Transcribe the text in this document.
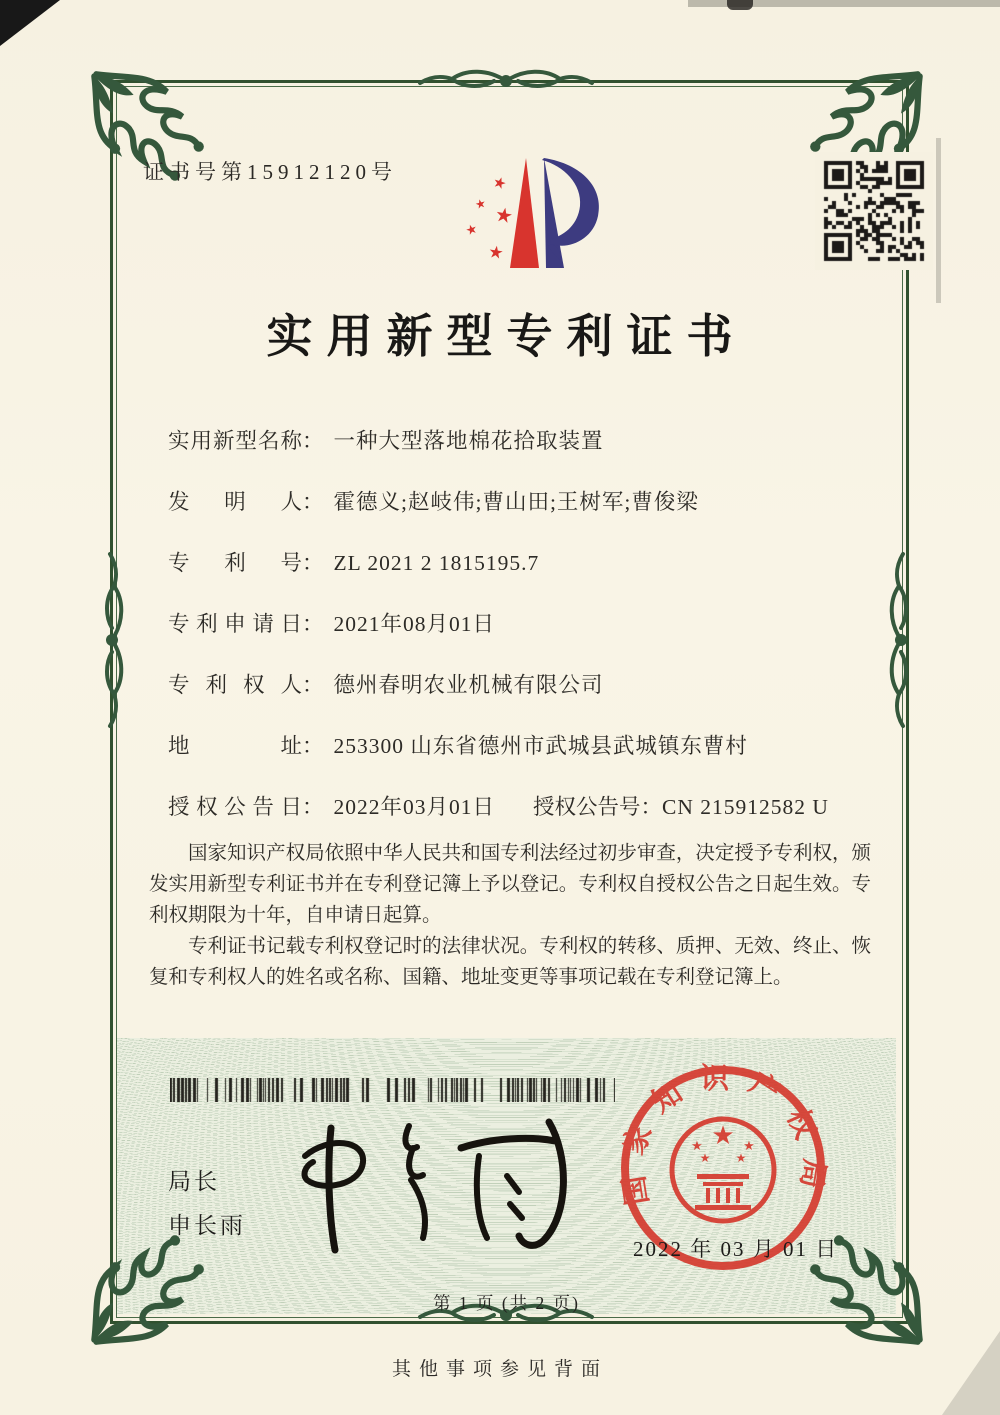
证书号第15912120号	★
★ ★
★
★
实用新型专利证书
实用新型名称： 一种大型落地棉花拾取装置
发明人： 霍德义;赵岐伟;曹山田;王树军;曹俊梁
专利号： ZL 2021 2 1815195.7
专利申请日： 2021年08月01日
专利权人： 德州春明农业机械有限公司
地址： 253300 山东省德州市武城县武城镇东曹村
授权公告日： 2022年03月01日 授权公告号：CN 215912582 U

国家知识产权局依照中华人民共和国专利法经过初步审查，决定授予专利权，颁发实用新型专利证书并在专利登记簿上予以登记。专利权自授权公告之日起生效。专利权期限为十年，自申请日起算。

专利证书记载专利权登记时的法律状况。专利权的转移、质押、无效、终止、恢复和专利权人的姓名或名称、国籍、地址变更等事项记载在专利登记簿上。

局长
申长雨
国家知识产权局
★
★	★
★ ★
2022 年 03 月 01 日
第 1 页 (共 2 页)
其他事项参见背面
